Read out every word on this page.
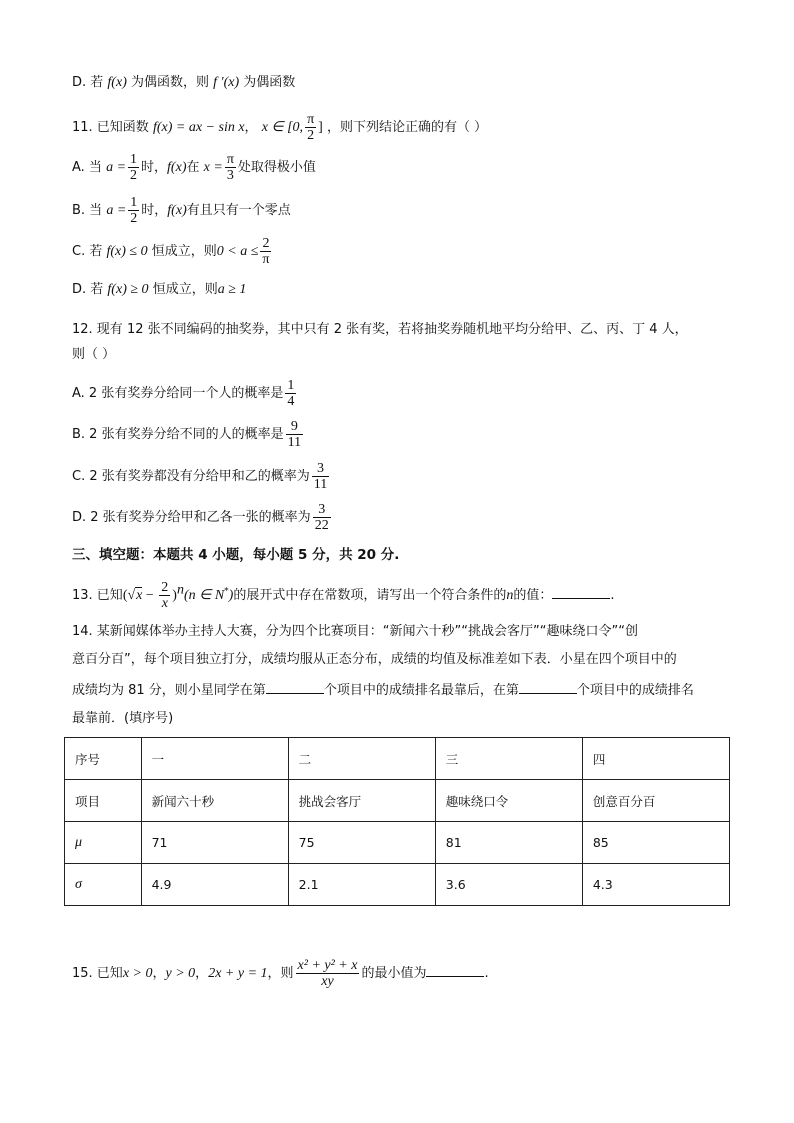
D. 若 f(x) 为偶函数，则 f ′(x) 为偶函数
11. 已知函数 f(x) = ax − sin x， x ∈ [0, $\frac{\pi}{2}$ ] ，则下列结论正确的有（ ）
A. 当 $a = \frac{1}{2}$ 时，f(x)在 $x = \frac{\pi}{3}$ 处取得极小值
B. 当 $a = \frac{1}{2}$ 时，f(x)有且只有一个零点
C. 若 f(x) ≤ 0 恒成立，则$0 < a \le \frac{2}{\pi}$
D. 若 f(x) ≥ 0 恒成立，则a ≥ 1
12. 现有 12 张不同编码的抽奖券，其中只有 2 张有奖，若将抽奖券随机地平均分给甲、乙、丙、丁 4 人，
则（ ）
A. 2 张有奖券分给同一个人的概率是 $\frac{1}{4}$
B. 2 张有奖券分给不同的人的概率是 $\frac{9}{11}$
C. 2 张有奖券都没有分给甲和乙的概率为 $\frac{3}{11}$
D. 2 张有奖券分给甲和乙各一张的概率为 $\frac{3}{22}$
三、填空题：本题共 4 小题，每小题 5 分，共 20 分.
13. 已知$(√x - \frac{2}{x} )^n(n$ ∈ N*)的展开式中存在常数项，请写出一个符合条件的n的值：	.
14. 某新闻媒体举办主持人大赛，分为四个比赛项目：“新闻六十秒”“挑战会客厅”“趣味绕口令”“创
意百分百”，每个项目独立打分，成绩均服从正态分布，成绩的均值及标准差如下表．小星在四个项目中的
成绩均为 81 分，则小星同学在第	个项目中的成绩排名最靠后，在第	个项目中的成绩排名
最靠前．(填序号)
序号	一	二	三	四
项目	新闻六十秒	挑战会客厅	趣味绕口令	创意百分百
μ	71	75	81	85
σ	4.9	2.1	3.6	4.3
15. 已知x > 0，y > 0，2x + y = 1，则 $\frac{\text{x² + y² + x}}{xy}$ 的最小值为	.
